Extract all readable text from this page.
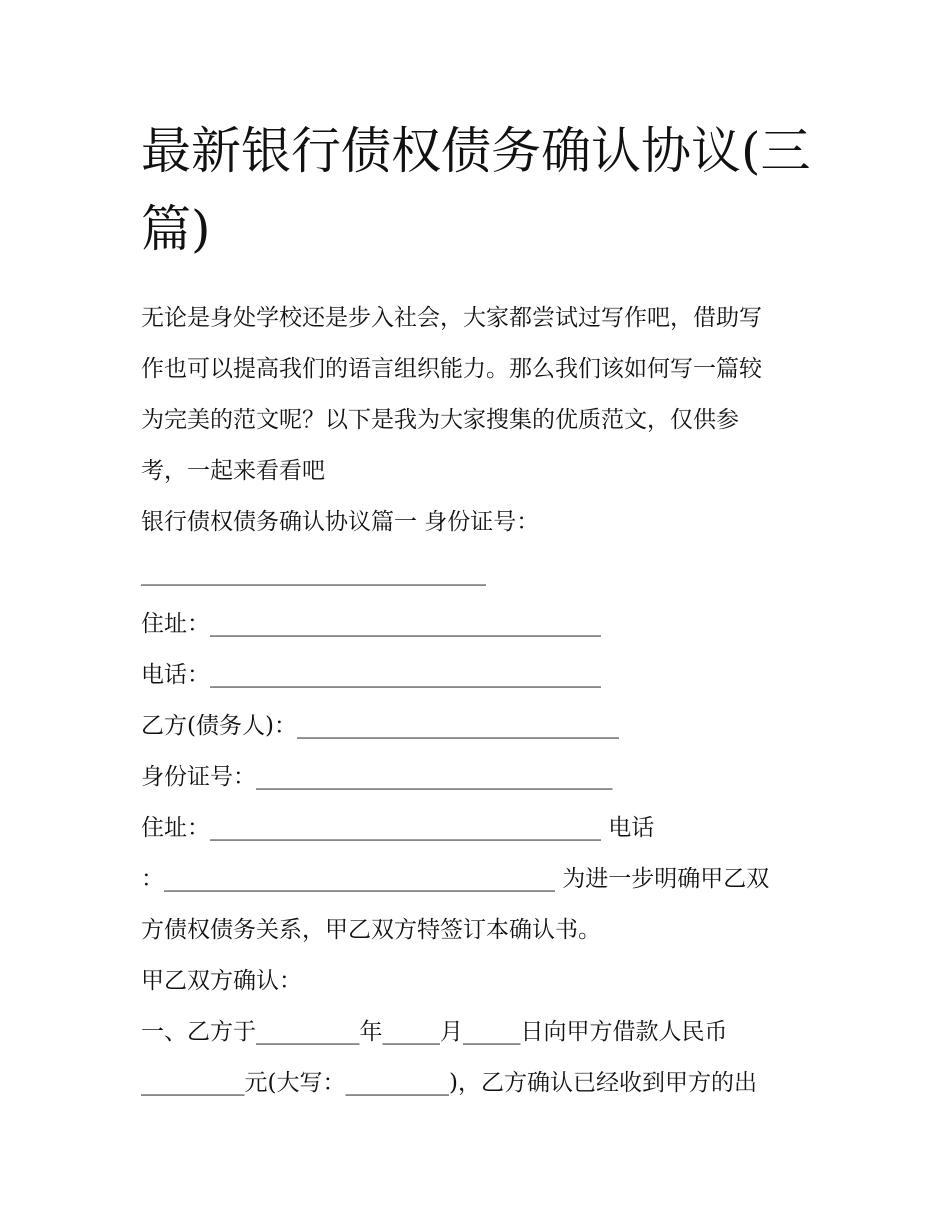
最新银行债权债务确认协议(三
篇)

无论是身处学校还是步入社会，大家都尝试过写作吧，借助写

作也可以提高我们的语言组织能力。那么我们该如何写一篇较

为完美的范文呢？以下是我为大家搜集的优质范文，仅供参

考，一起来看看吧

银行债权债务确认协议篇一 身份证号：

______________________________

住址：__________________________________

电话：__________________________________

乙方(债务人)：____________________________

身份证号：_______________________________

住址：__________________________________ 电话

：__________________________________ 为进一步明确甲乙双

方债权债务关系，甲乙双方特签订本确认书。

甲乙双方确认：

一、乙方于_________年_____月_____日向甲方借款人民币

_________元(大写：_________)，乙方确认已经收到甲方的出
